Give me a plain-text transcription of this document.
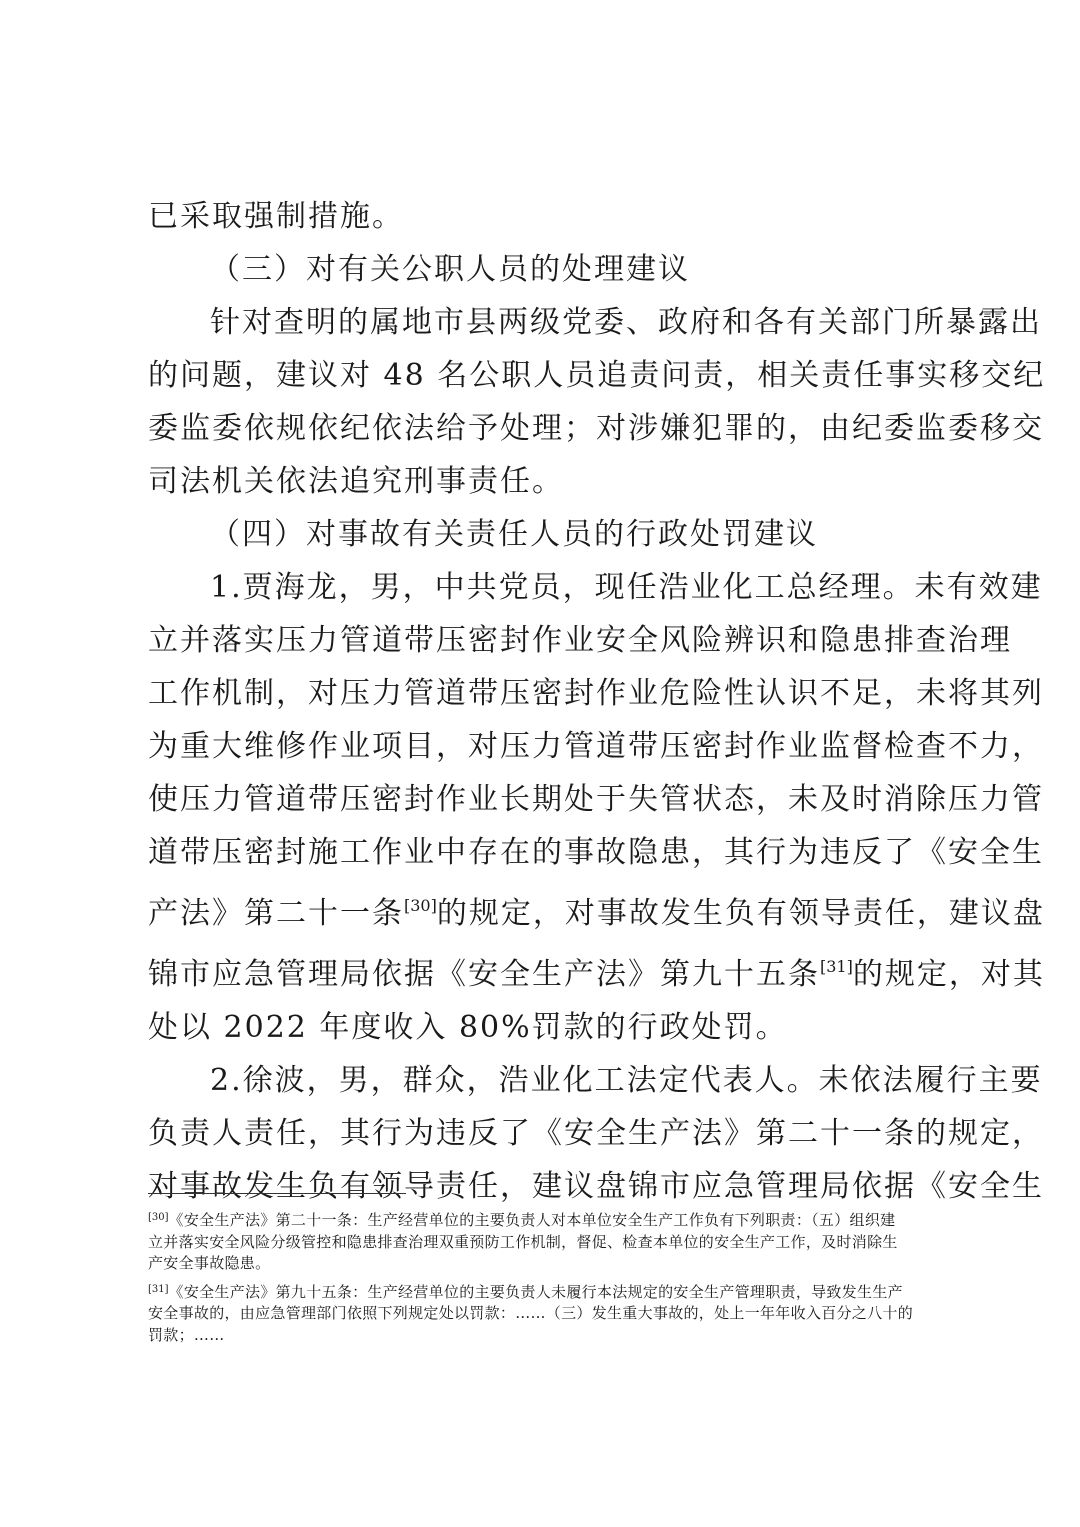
已采取强制措施。

（三）对有关公职人员的处理建议

针对查明的属地市县两级党委、政府和各有关部门所暴露出

的问题，建议对 48 名公职人员追责问责，相关责任事实移交纪

委监委依规依纪依法给予处理；对涉嫌犯罪的，由纪委监委移交

司法机关依法追究刑事责任。

（四）对事故有关责任人员的行政处罚建议

1.贾海龙，男，中共党员，现任浩业化工总经理。未有效建

立并落实压力管道带压密封作业安全风险辨识和隐患排查治理

工作机制，对压力管道带压密封作业危险性认识不足，未将其列

为重大维修作业项目，对压力管道带压密封作业监督检查不力，

使压力管道带压密封作业长期处于失管状态，未及时消除压力管

道带压密封施工作业中存在的事故隐患，其行为违反了《安全生

产法》第二十一条[30]的规定，对事故发生负有领导责任，建议盘

锦市应急管理局依据《安全生产法》第九十五条[31]的规定，对其

处以 2022 年度收入 80%罚款的行政处罚。

2.徐波，男，群众，浩业化工法定代表人。未依法履行主要

负责人责任，其行为违反了《安全生产法》第二十一条的规定，

对事故发生负有领导责任，建议盘锦市应急管理局依据《安全生

[30]《安全生产法》第二十一条：生产经营单位的主要负责人对本单位安全生产工作负有下列职责：（五）组织建

立并落实安全风险分级管控和隐患排查治理双重预防工作机制，督促、检查本单位的安全生产工作，及时消除生

产安全事故隐患。

[31]《安全生产法》第九十五条：生产经营单位的主要负责人未履行本法规定的安全生产管理职责，导致发生生产

安全事故的，由应急管理部门依照下列规定处以罚款：……（三）发生重大事故的，处上一年年收入百分之八十的

罚款；……
